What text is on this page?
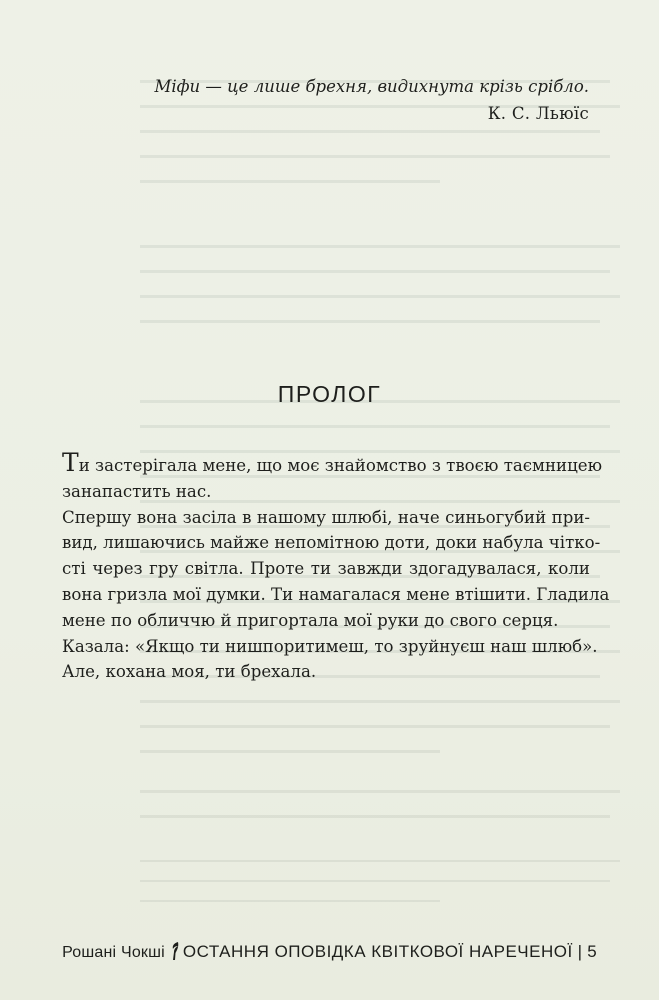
Міфи — це лише брехня, видихнута крізь срібло.
К. С. Льюїс
ПРОЛОГ

Ти застерігала мене, що моє знайомство з твоєю таємницею
занапастить нас.

Спершу вона засіла в нашому шлюбі, наче синьогубий при-
вид, лишаючись майже непомітною доти, доки набула чітко-
сті через гру світла. Проте ти завжди здогадувалася, коли
вона гризла мої думки. Ти намагалася мене втішити. Гладила
мене по обличчю й пригортала мої руки до свого серця.

Казала: «Якщо ти нишпоритимеш, то зруйнуєш наш шлюб».

Але, кохана моя, ти брехала.

Рошані Чокші ОСТАННЯ ОПОВІДКА КВІТКОВОЇ НАРЕЧЕНОЇ | 5
